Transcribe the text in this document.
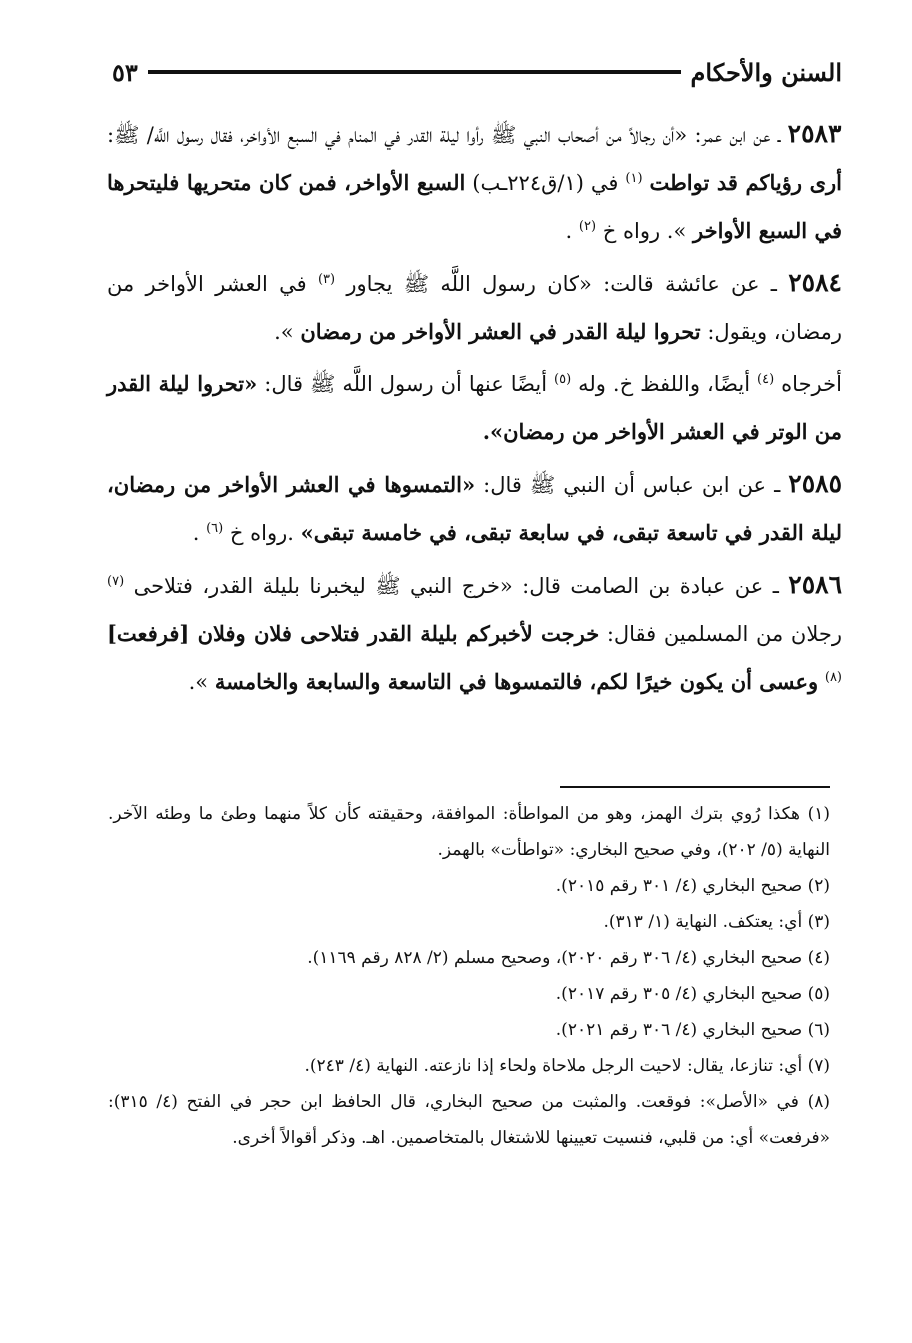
السنن والأحكام
٥٣

٢٥٨٣ ـ عن ابن عمر: «أن رجالاً من أصحاب النبي ﷺ رأوا ليلة القدر في المنام في السبع الأواخر، فقال رسول اللَّه/ ﷺ: أرى رؤياكم قد تواطت $^{(١)}$ في (١/ق٢٢٤ـب) السبع الأواخر، فمن كان متحريها فليتحرها في السبع الأواخر ». رواه خ $^{(٢)}$ .

٢٥٨٤ ـ عن عائشة قالت: «كان رسول اللَّه ﷺ يجاور $^{(٣)}$ في العشر الأواخر من رمضان، ويقول: تحروا ليلة القدر في العشر الأواخر من رمضان ».

أخرجاه $^{(٤)}$ أيضًا، واللفظ خ. وله $^{(٥)}$ أيضًا عنها أن رسول اللَّه ﷺ قال: «تحروا ليلة القدر من الوتر في العشر الأواخر من رمضان».

٢٥٨٥ ـ عن ابن عباس أن النبي ﷺ قال: «التمسوها في العشر الأواخر من رمضان، ليلة القدر في تاسعة تبقى، في سابعة تبقى، في خامسة تبقى» .رواه خ $^{(٦)}$ .

٢٥٨٦ ـ عن عبادة بن الصامت قال: «خرج النبي ﷺ ليخبرنا بليلة القدر، فتلاحى $^{(٧)}$ رجلان من المسلمين فقال: خرجت لأخبركم بليلة القدر فتلاحى فلان وفلان [فرفعت] $^{(٨)}$ وعسى أن يكون خيرًا لكم، فالتمسوها في التاسعة والسابعة والخامسة ».

(١) هكذا رُوي بترك الهمز، وهو من المواطأة: الموافقة، وحقيقته كأن كلاً منهما وطئ ما وطئه الآخر. النهاية (٥/ ٢٠٢)، وفي صحيح البخاري: «تواطأت» بالهمز.

(٢) صحيح البخاري (٤/ ٣٠١ رقم ٢٠١٥).

(٣) أي: يعتكف. النهاية (١/ ٣١٣).

(٤) صحيح البخاري (٤/ ٣٠٦ رقم ٢٠٢٠)، وصحيح مسلم (٢/ ٨٢٨ رقم ١١٦٩).

(٥) صحيح البخاري (٤/ ٣٠٥ رقم ٢٠١٧).

(٦) صحيح البخاري (٤/ ٣٠٦ رقم ٢٠٢١).

(٧) أي: تنازعا، يقال: لاحيت الرجل ملاحاة ولحاء إذا نازعته. النهاية (٤/ ٢٤٣).

(٨) في «الأصل»: فوقعت. والمثبت من صحيح البخاري، قال الحافظ ابن حجر في الفتح (٤/ ٣١٥): «فرفعت» أي: من قلبي، فنسيت تعيينها للاشتغال بالمتخاصمين. اهـ. وذكر أقوالاً أخرى.
